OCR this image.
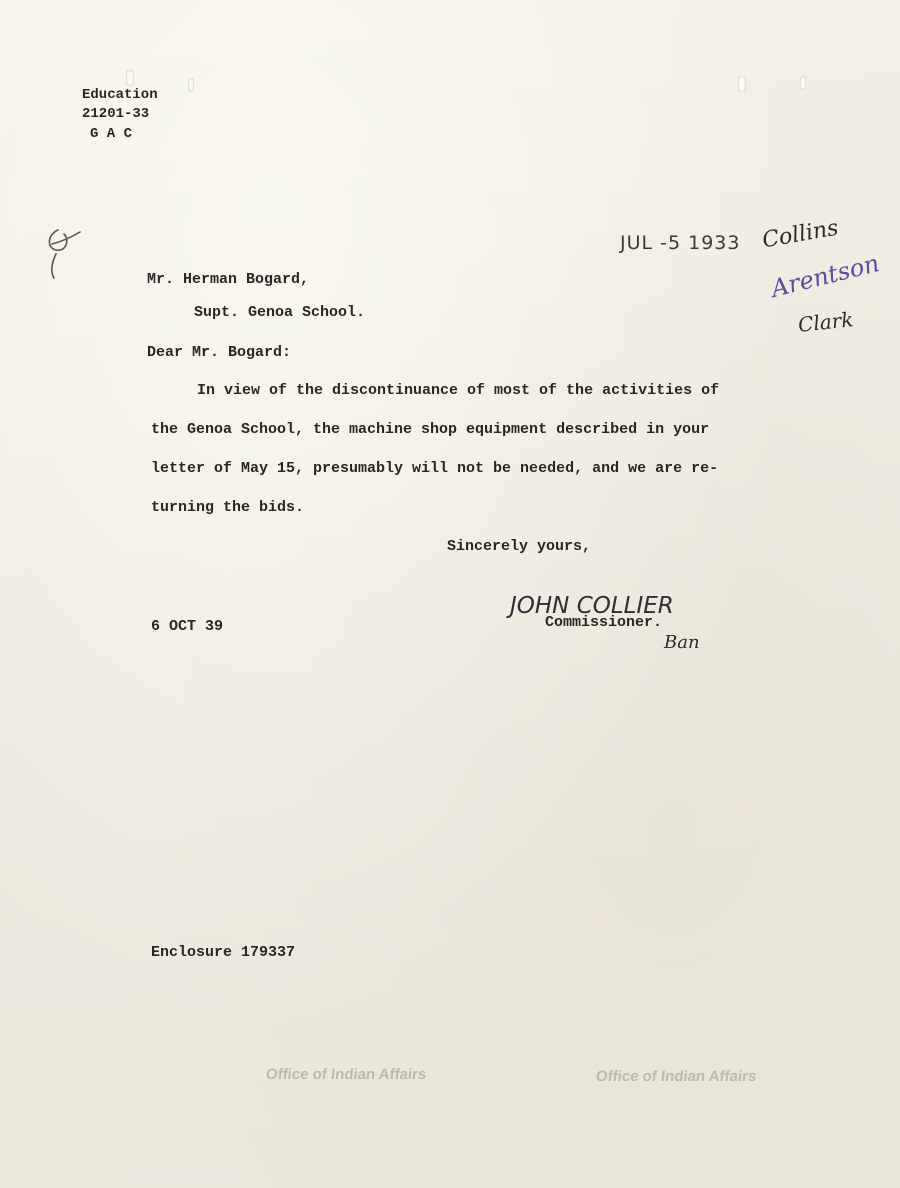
Education
21201-33
G A C
JUL -5 1933 Collins
Arentson
Clark
Mr. Herman Bogard,
Supt. Genoa School.
Dear Mr. Bogard:
In view of the discontinuance of most of the activities of
the Genoa School, the machine shop equipment described in your
letter of May 15, presumably will not be needed, and we are re-
turning the bids.
Sincerely yours,
JOHN COLLIER
Commissioner.
Ban
6 OCT 39
Enclosure 179337
Office of Indian Affairs	Office of Indian Affairs
